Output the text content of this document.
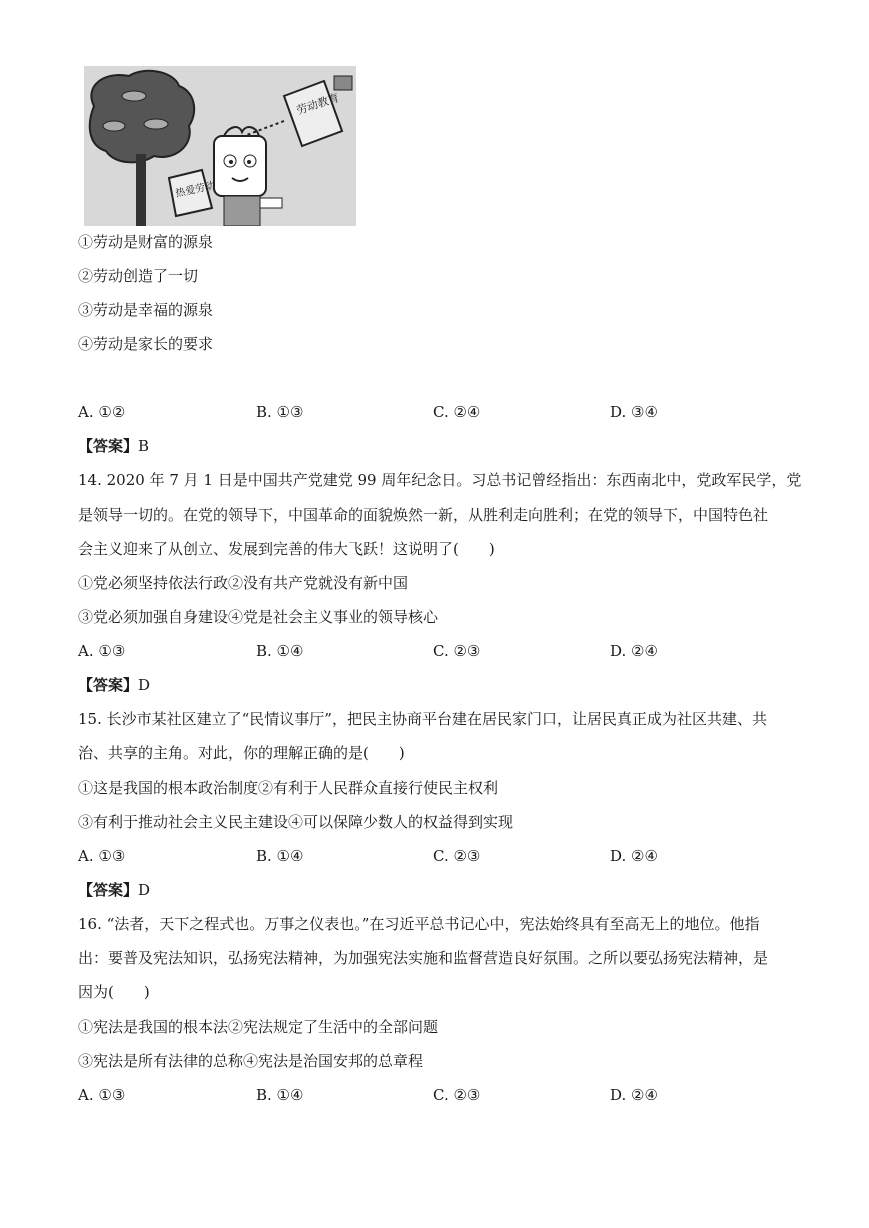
劳动教育
热爱劳动
①劳动是财富的源泉
②劳动创造了一切
③劳动是幸福的源泉
④劳动是家长的要求
A. ①②	B. ①③	C. ②④	D. ③④
【答案】B
14. 2020 年 7 月 1 日是中国共产党建党 99 周年纪念日。习总书记曾经指出：东西南北中，党政军民学，党
是领导一切的。在党的领导下，中国革命的面貌焕然一新，从胜利走向胜利；在党的领导下，中国特色社
会主义迎来了从创立、发展到完善的伟大飞跃！这说明了(　　)
①党必须坚持依法行政②没有共产党就没有新中国
③党必须加强自身建设④党是社会主义事业的领导核心
A. ①③	B. ①④	C. ②③	D. ②④
【答案】D
15. 长沙市某社区建立了“民情议事厅”，把民主协商平台建在居民家门口，让居民真正成为社区共建、共
治、共享的主角。对此，你的理解正确的是(　　)
①这是我国的根本政治制度②有利于人民群众直接行使民主权利
③有利于推动社会主义民主建设④可以保障少数人的权益得到实现
A. ①③	B. ①④	C. ②③	D. ②④
【答案】D
16. “法者，天下之程式也。万事之仪表也。”在习近平总书记心中，宪法始终具有至高无上的地位。他指
出：要普及宪法知识，弘扬宪法精神，为加强宪法实施和监督营造良好氛围。之所以要弘扬宪法精神，是
因为(　　)
①宪法是我国的根本法②宪法规定了生活中的全部问题
③宪法是所有法律的总称④宪法是治国安邦的总章程
A. ①③	B. ①④	C. ②③	D. ②④
